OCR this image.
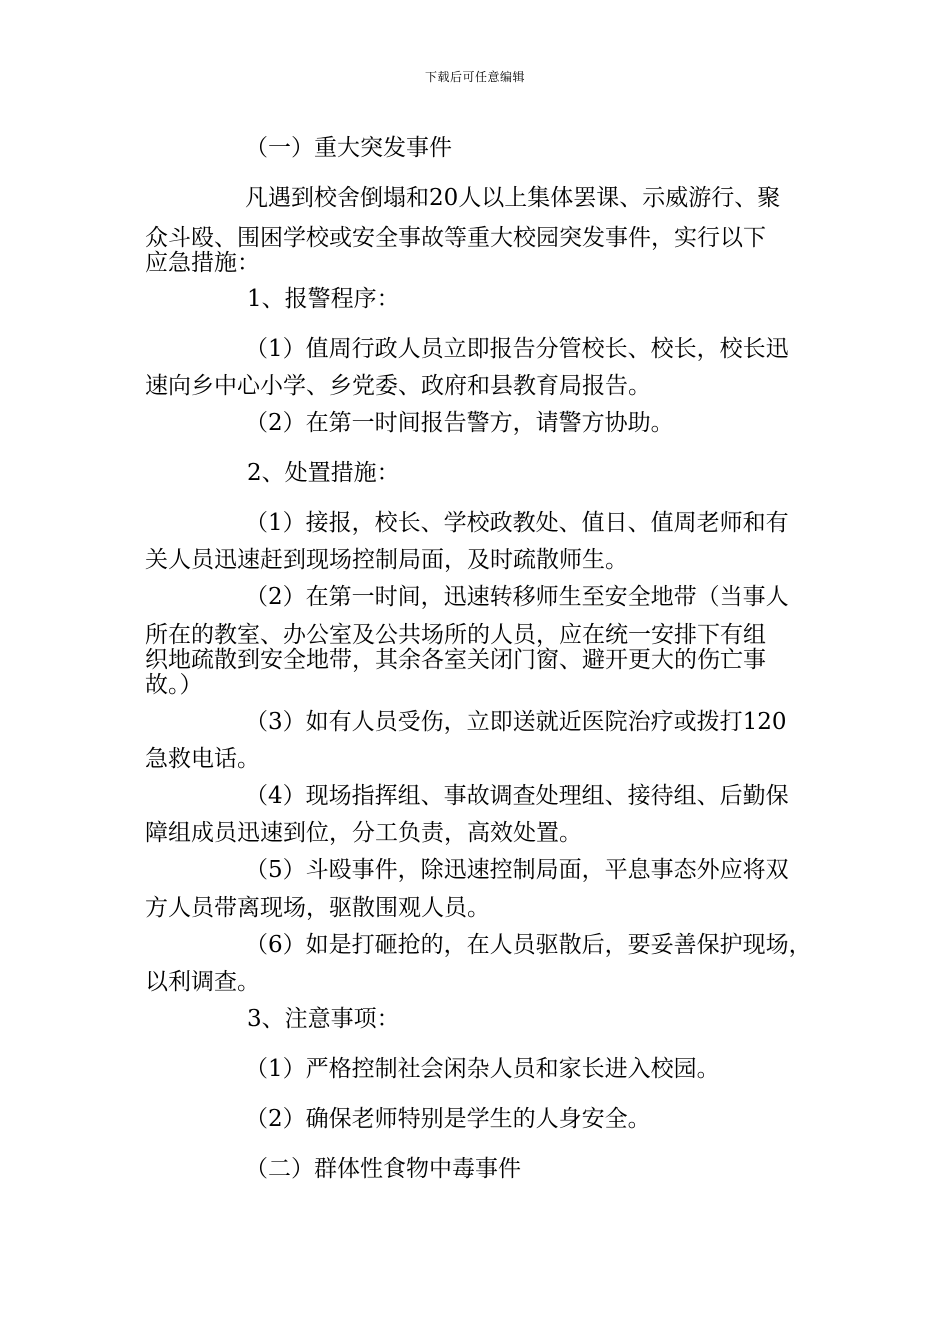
下载后可任意编辑
（一）重大突发事件
凡遇到校舍倒塌和20人以上集体罢课、示威游行、聚
众斗殴、围困学校或安全事故等重大校园突发事件，实行以下
应急措施：
1、报警程序：
（1）值周行政人员立即报告分管校长、校长，校长迅
速向乡中心小学、乡党委、政府和县教育局报告。
（2）在第一时间报告警方，请警方协助。
2、处置措施：
（1）接报，校长、学校政教处、值日、值周老师和有
关人员迅速赶到现场控制局面，及时疏散师生。
（2）在第一时间，迅速转移师生至安全地带（当事人
所在的教室、办公室及公共场所的人员，应在统一安排下有组
织地疏散到安全地带，其余各室关闭门窗、避开更大的伤亡事
故。）
（3）如有人员受伤，立即送就近医院治疗或拨打120
急救电话。
（4）现场指挥组、事故调查处理组、接待组、后勤保
障组成员迅速到位，分工负责，高效处置。
（5）斗殴事件，除迅速控制局面，平息事态外应将双
方人员带离现场，驱散围观人员。
（6）如是打砸抢的，在人员驱散后，要妥善保护现场，
以利调查。
3、注意事项：
（1）严格控制社会闲杂人员和家长进入校园。
（2）确保老师特别是学生的人身安全。
（二）群体性食物中毒事件
